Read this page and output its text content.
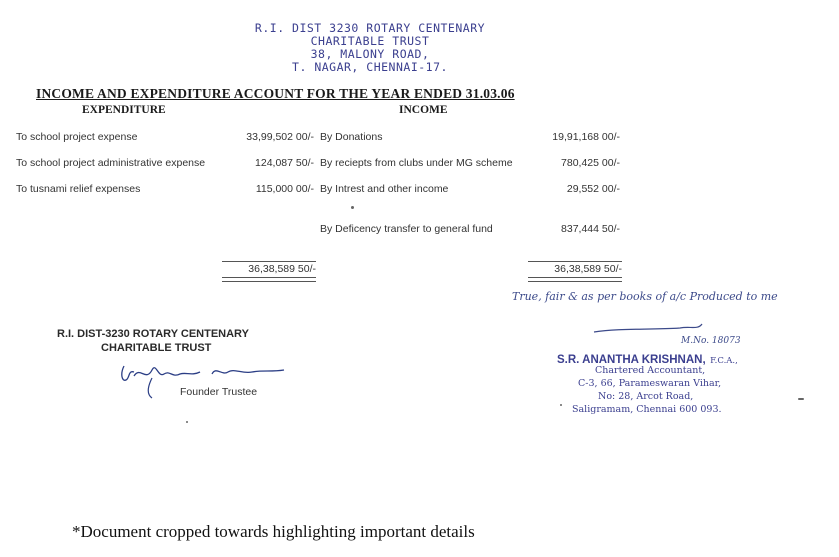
R.I. DIST 3230 ROTARY CENTENARY
CHARITABLE TRUST
38, MALONY ROAD,
T. NAGAR, CHENNAI-17.
INCOME AND EXPENDITURE ACCOUNT FOR THE YEAR ENDED 31.03.06
EXPENDITURE	INCOME
To school project expense	33,99,502 00/- By Donations	19,91,168 00/-
To school project administrative expense	124,087 50/- By reciepts from clubs under MG scheme	780,425 00/-
To tusnami relief expenses	115,000 00/- By Intrest and other income	29,552 00/-
By Deficency transfer to general fund	837,444 50/-
36,38,589 50/-	36,38,589 50/-
R.I. DIST-3230 ROTARY CENTENARY
CHARITABLE TRUST
Founder Trustee
True, fair & as per books of a/c Produced to me
M.No. 18073
S.R. ANANTHA KRISHNAN, F.C.A.,
Chartered Accountant,
C-3, 66, Parameswaran Vihar,
No: 28, Arcot Road,
Saligramam, Chennai 600 093.
*Document cropped towards highlighting important details
